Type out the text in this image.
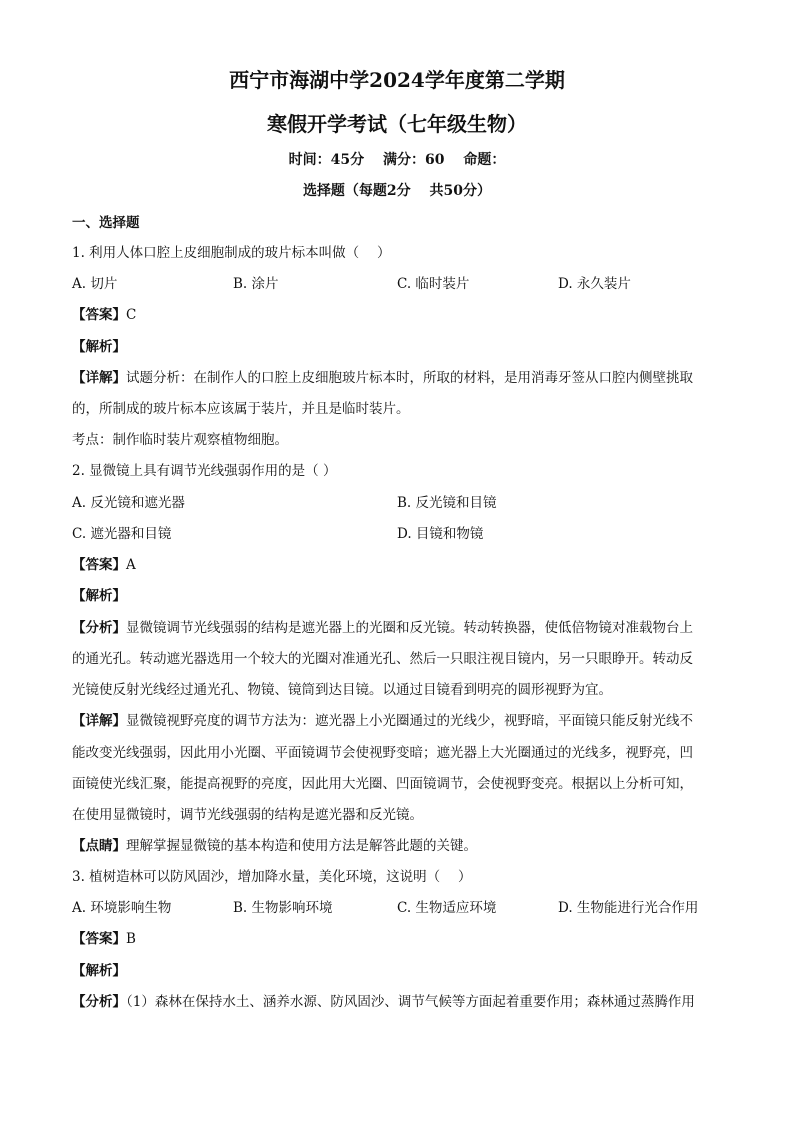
西宁市海湖中学2024学年度第二学期
寒假开学考试（七年级生物）
时间：45分　 满分：60　 命题：
选择题（每题2分　 共50分）
一、选择题
1. 利用人体口腔上皮细胞制成的玻片标本叫做（　 ）
A. 切片	B. 涂片	C. 临时装片	D. 永久装片
【答案】C
【解析】
【详解】试题分析：在制作人的口腔上皮细胞玻片标本时，所取的材料，是用消毒牙签从口腔内侧壁挑取
的，所制成的玻片标本应该属于装片，并且是临时装片。
考点：制作临时装片观察植物细胞。
2. 显微镜上具有调节光线强弱作用的是（ ）
A. 反光镜和遮光器	B. 反光镜和目镜
C. 遮光器和目镜	D. 目镜和物镜
【答案】A
【解析】
【分析】显微镜调节光线强弱的结构是遮光器上的光圈和反光镜。转动转换器，使低倍物镜对准载物台上
的通光孔。转动遮光器选用一个较大的光圈对准通光孔、然后一只眼注视目镜内，另一只眼睁开。转动反
光镜使反射光线经过通光孔、物镜、镜筒到达目镜。以通过目镜看到明亮的圆形视野为宜。
【详解】显微镜视野亮度的调节方法为：遮光器上小光圈通过的光线少，视野暗，平面镜只能反射光线不
能改变光线强弱，因此用小光圈、平面镜调节会使视野变暗；遮光器上大光圈通过的光线多，视野亮，凹
面镜使光线汇聚，能提高视野的亮度，因此用大光圈、凹面镜调节，会使视野变亮。根据以上分析可知，
在使用显微镜时，调节光线强弱的结构是遮光器和反光镜。
【点睛】理解掌握显微镜的基本构造和使用方法是解答此题的关键。
3. 植树造林可以防风固沙，增加降水量，美化环境，这说明（　 ）
A. 环境影响生物	B. 生物影响环境	C. 生物适应环境	D. 生物能进行光合作用
【答案】B
【解析】
【分析】（1）森林在保持水土、涵养水源、防风固沙、调节气候等方面起着重要作用；森林通过蒸腾作用
